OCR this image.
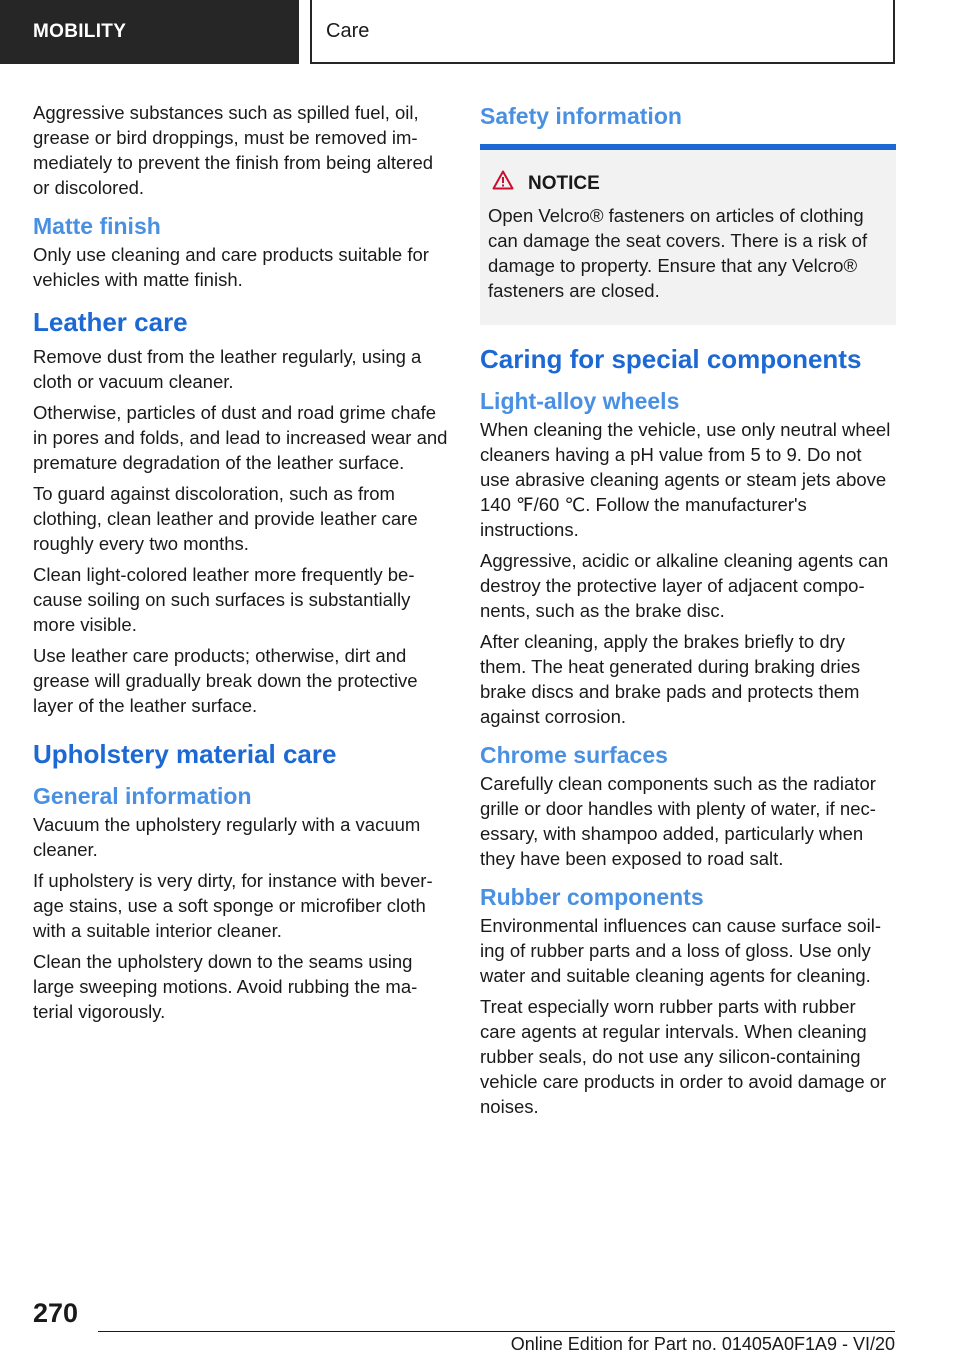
MOBILITY	Care

Aggressive substances such as spilled fuel, oil, grease or bird droppings, must be removed immediately to prevent the finish from being altered or discolored.

Matte finish

Only use cleaning and care products suitable for vehicles with matte finish.

Leather care

Remove dust from the leather regularly, using a cloth or vacuum cleaner.

Otherwise, particles of dust and road grime chafe in pores and folds, and lead to increased wear and premature degradation of the leather surface.

To guard against discoloration, such as from clothing, clean leather and provide leather care roughly every two months.

Clean light-colored leather more frequently because soiling on such surfaces is substantially more visible.

Use leather care products; otherwise, dirt and grease will gradually break down the protective layer of the leather surface.

Upholstery material care
General information

Vacuum the upholstery regularly with a vacuum cleaner.

If upholstery is very dirty, for instance with beverage stains, use a soft sponge or microfiber cloth with a suitable interior cleaner.

Clean the upholstery down to the seams using large sweeping motions. Avoid rubbing the material vigorously.

Safety information
NOTICE

Open Velcro® fasteners on articles of clothing can damage the seat covers. There is a risk of damage to property. Ensure that any Velcro® fasteners are closed.

Caring for special components
Light-alloy wheels

When cleaning the vehicle, use only neutral wheel cleaners having a pH value from 5 to 9. Do not use abrasive cleaning agents or steam jets above 140 ℉/60 ℃. Follow the manufacturer's instructions.

Aggressive, acidic or alkaline cleaning agents can destroy the protective layer of adjacent components, such as the brake disc.

After cleaning, apply the brakes briefly to dry them. The heat generated during braking dries brake discs and brake pads and protects them against corrosion.

Chrome surfaces

Carefully clean components such as the radiator grille or door handles with plenty of water, if necessary, with shampoo added, particularly when they have been exposed to road salt.

Rubber components

Environmental influences can cause surface soiling of rubber parts and a loss of gloss. Use only water and suitable cleaning agents for cleaning.

Treat especially worn rubber parts with rubber care agents at regular intervals. When cleaning rubber seals, do not use any silicon-containing vehicle care products in order to avoid damage or noises.

270
Online Edition for Part no. 01405A0F1A9 - VI/20
